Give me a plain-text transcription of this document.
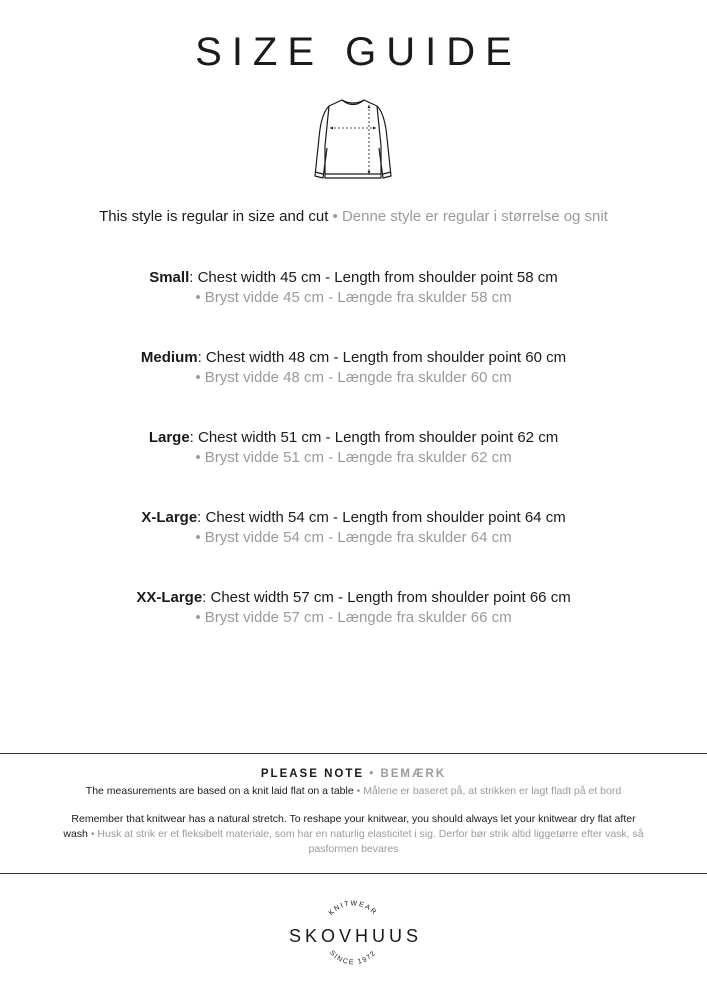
SIZE GUIDE
This style is regular in size and cut • Denne style er regular i størrelse og snit
Small: Chest width 45 cm - Length from shoulder point 58 cm
• Bryst vidde 45 cm - Længde fra skulder 58 cm
Medium: Chest width 48 cm - Length from shoulder point 60 cm
• Bryst vidde 48 cm - Længde fra skulder 60 cm
Large: Chest width 51 cm - Length from shoulder point 62 cm
• Bryst vidde 51 cm - Længde fra skulder 62 cm
X-Large: Chest width 54 cm - Length from shoulder point 64 cm
• Bryst vidde 54 cm - Længde fra skulder 64 cm
XX-Large: Chest width 57 cm - Length from shoulder point 66 cm
• Bryst vidde 57 cm - Længde fra skulder 66 cm
PLEASE NOTE • BEMÆRK
The measurements are based on a knit laid flat on a table • Målene er baseret på, at strikken er lagt fladt på et bord
Remember that knitwear has a natural stretch. To reshape your knitwear, you should always let your knitwear dry flat after wash • Husk at strik er et fleksibelt materiale, som har en naturlig elasticitet i sig. Derfor bør strik altid liggetørre efter vask, så pasformen bevares
KNITWEAR
SINCE 1972
SKOVHUUS
